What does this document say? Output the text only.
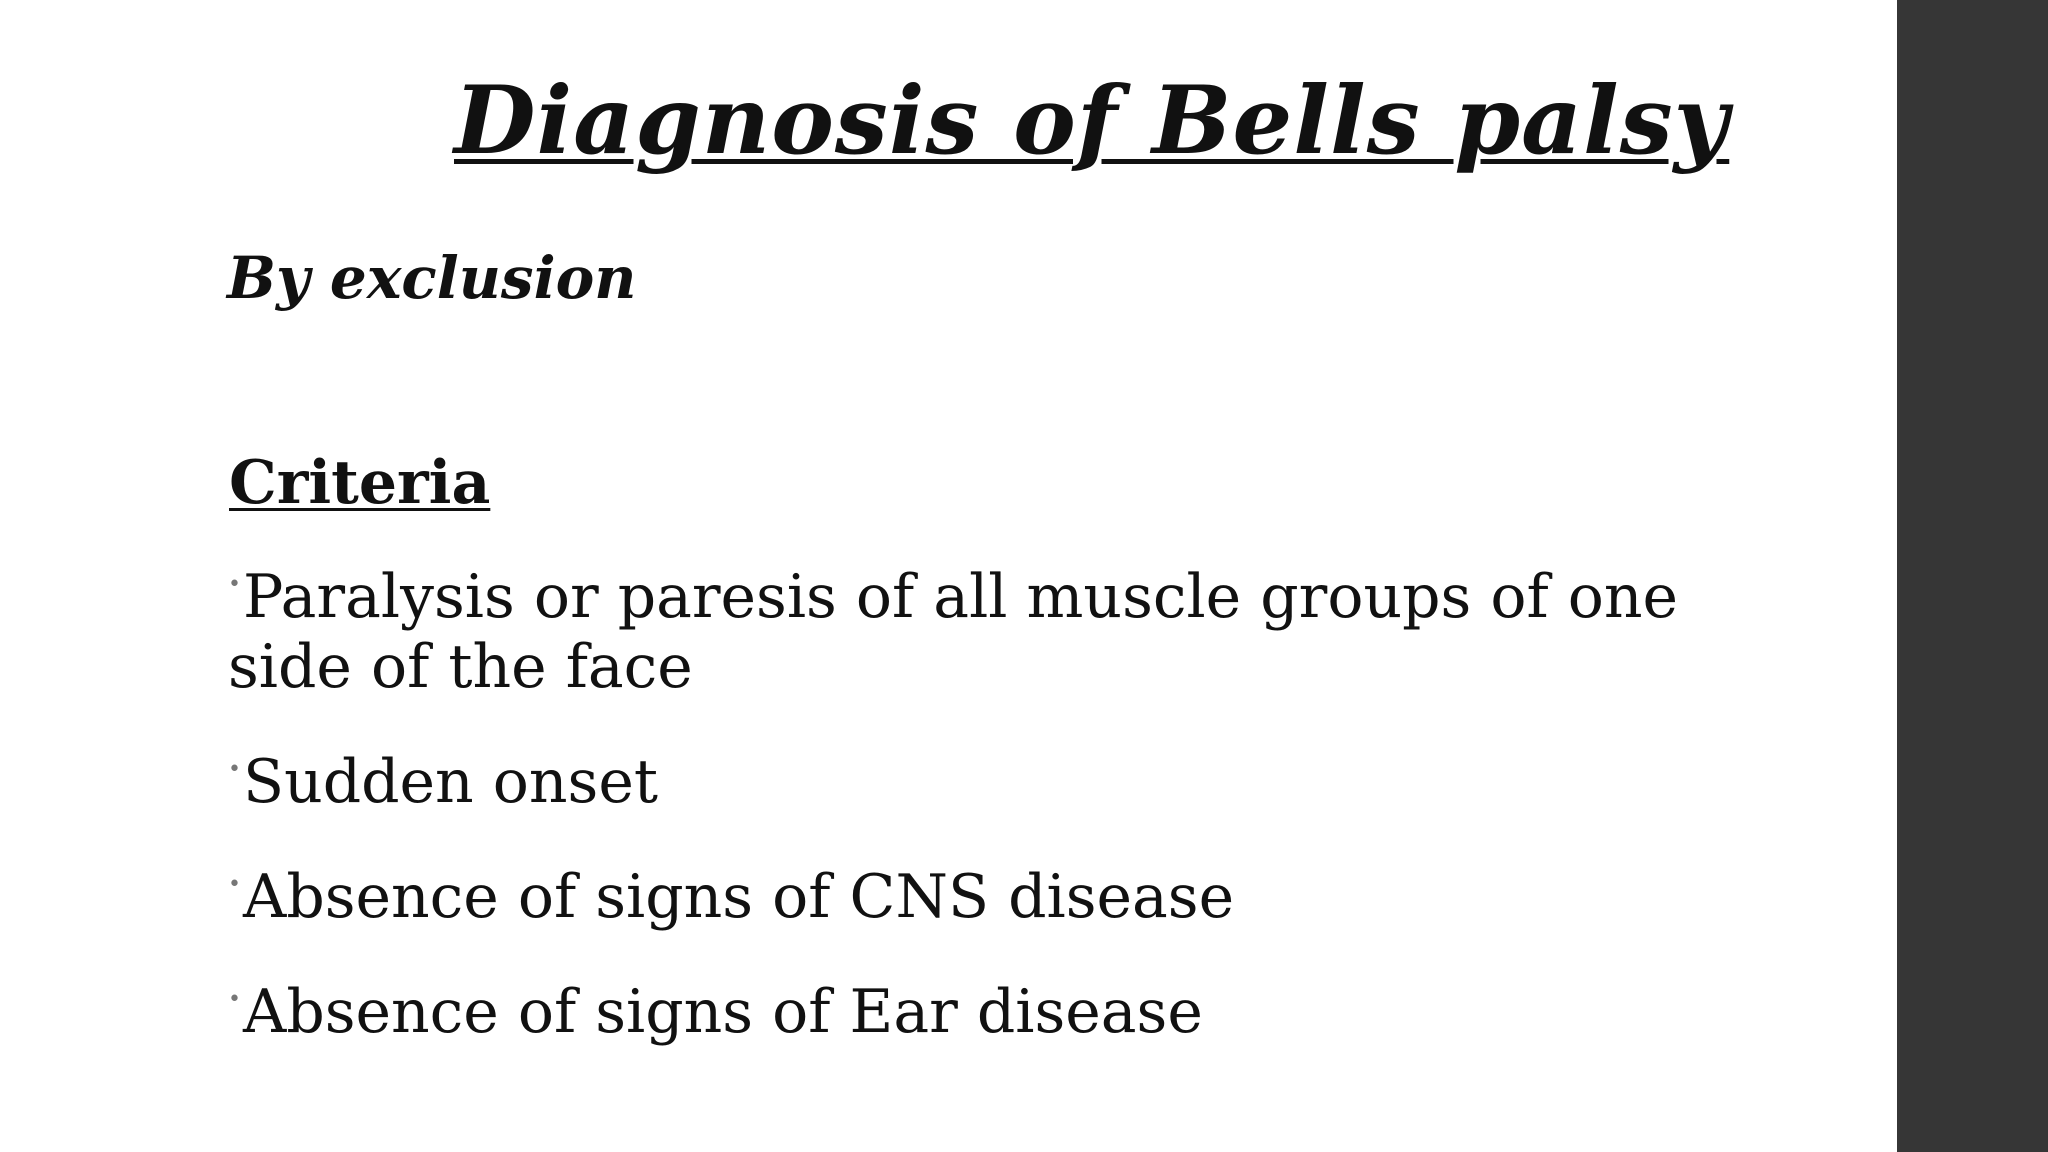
Diagnosis of Bells palsy

By exclusion

Criteria
•Paralysis or paresis of all muscle groups of one side of the face
•Sudden onset
•Absence of signs of CNS disease
•Absence of signs of Ear disease
